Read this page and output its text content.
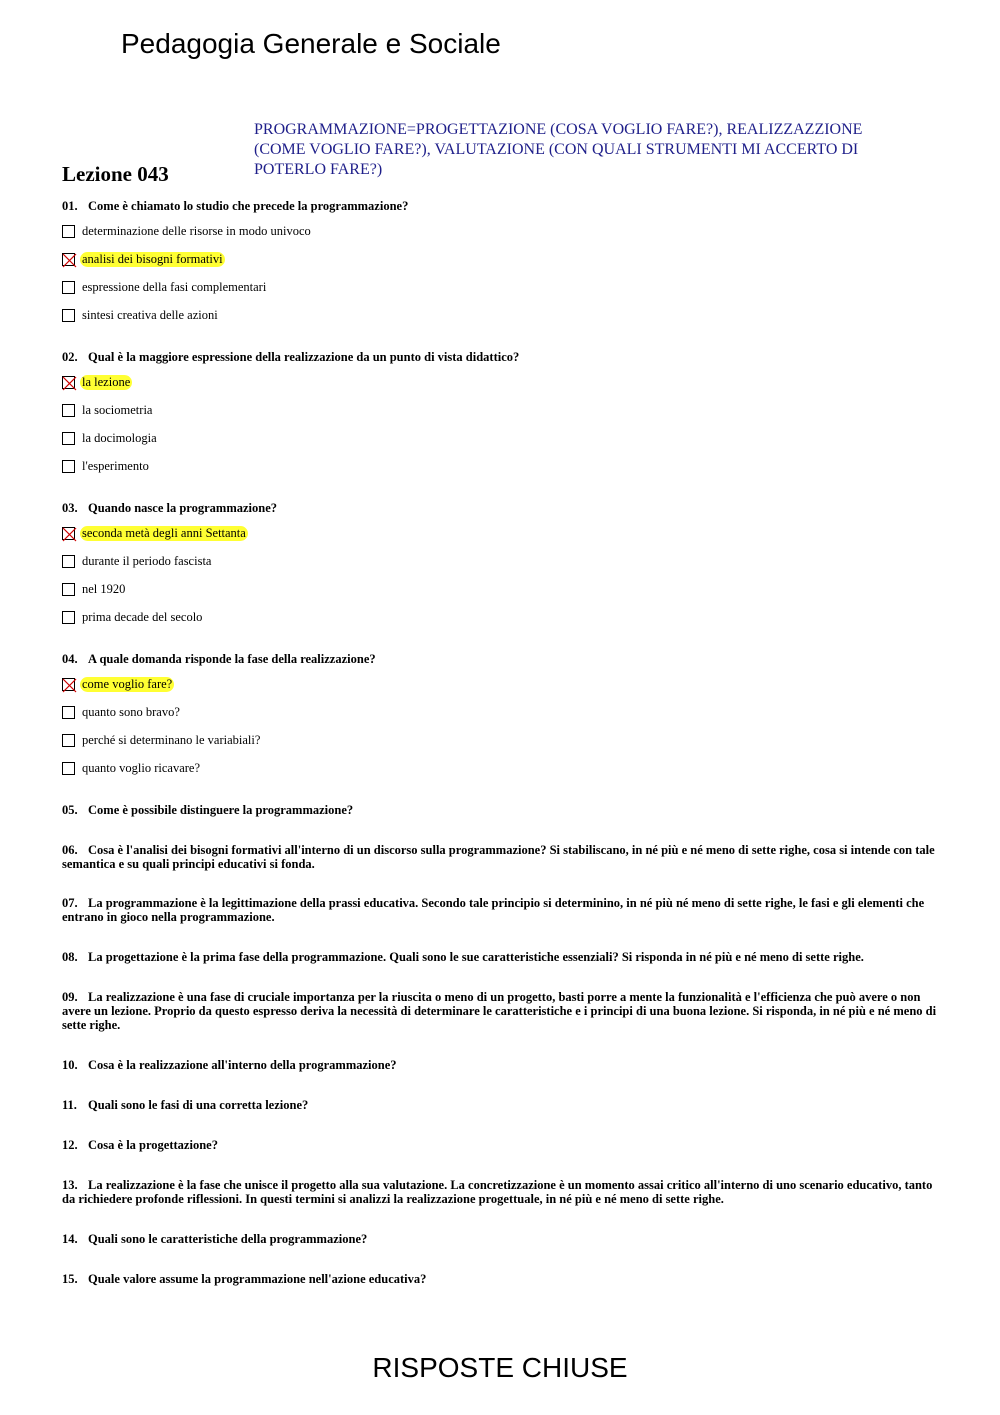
Pedagogia Generale e Sociale
PROGRAMMAZIONE=PROGETTAZIONE (COSA VOGLIO FARE?), REALIZZAZZIONE (COME VOGLIO FARE?), VALUTAZIONE (CON QUALI STRUMENTI MI ACCERTO DI POTERLO FARE?)
Lezione 043

01. Come è chiamato lo studio che precede la programmazione?

determinazione delle risorse in modo univoco
analisi dei bisogni formativi
espressione della fasi complementari
sintesi creativa delle azioni

02. Qual è la maggiore espressione della realizzazione da un punto di vista didattico?

la lezione
la sociometria
la docimologia
l'esperimento

03. Quando nasce la programmazione?

seconda metà degli anni Settanta
durante il periodo fascista
nel 1920
prima decade del secolo

04. A quale domanda risponde la fase della realizzazione?

come voglio fare?
quanto sono bravo?
perché si determinano le variabiali?
quanto voglio ricavare?
05. Come è possibile distinguere la programmazione?
06. Cosa è l'analisi dei bisogni formativi all'interno di un discorso sulla programmazione? Si stabiliscano, in né più e né meno di sette righe, cosa si intende con tale semantica e su quali principi educativi si fonda.
07. La programmazione è la legittimazione della prassi educativa. Secondo tale principio si determinino, in né più né meno di sette righe, le fasi e gli elementi che entrano in gioco nella programmazione.
08. La progettazione è la prima fase della programmazione. Quali sono le sue caratteristiche essenziali? Si risponda in né più e né meno di sette righe.
09. La realizzazione è una fase di cruciale importanza per la riuscita o meno di un progetto, basti porre a mente la funzionalità e l'efficienza che può avere o non avere un lezione. Proprio da questo espresso deriva la necessità di determinare le caratteristiche e i principi di una buona lezione. Si risponda, in né più e né meno di sette righe.
10. Cosa è la realizzazione all'interno della programmazione?
11. Quali sono le fasi di una corretta lezione?
12. Cosa è la progettazione?
13. La realizzazione è la fase che unisce il progetto alla sua valutazione. La concretizzazione è un momento assai critico all'interno di uno scenario educativo, tanto da richiedere profonde riflessioni. In questi termini si analizzi la realizzazione progettuale, in né più e né meno di sette righe.
14. Quali sono le caratteristiche della programmazione?
15. Quale valore assume la programmazione nell'azione educativa?
RISPOSTE CHIUSE
